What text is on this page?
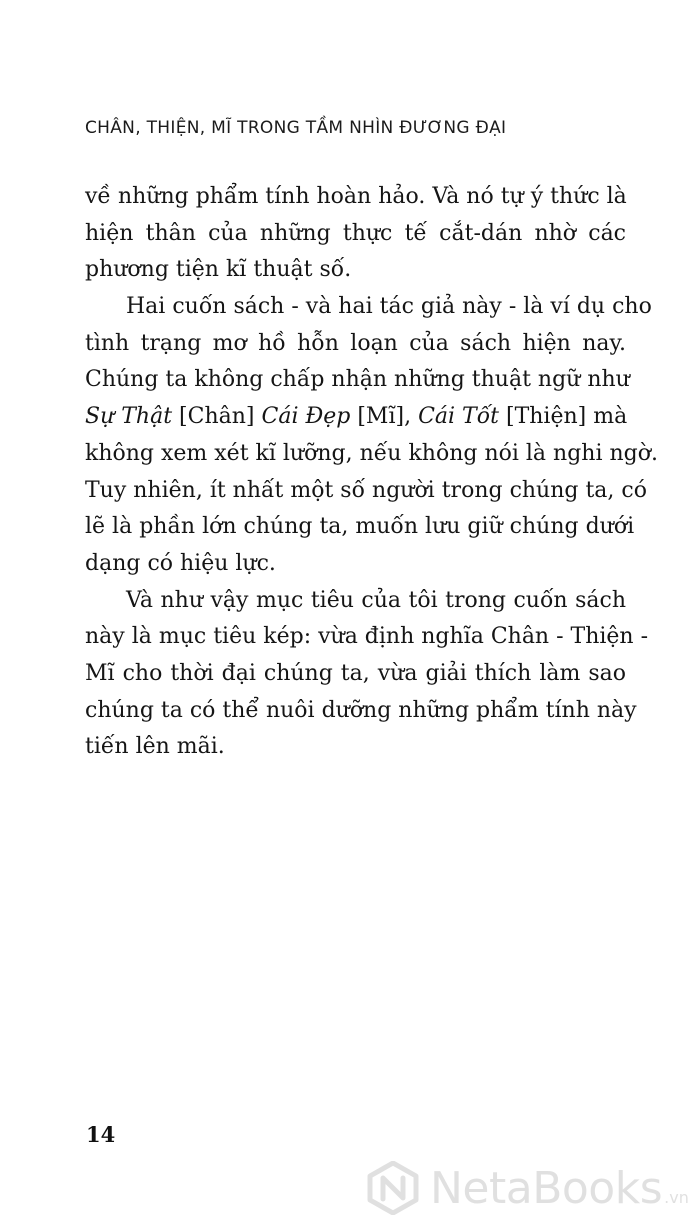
CHÂN, THIỆN, MĨ TRONG TẦM NHÌN ĐƯƠNG ĐẠI
về những phẩm tính hoàn hảo. Và nó tự ý thức là
hiện thân của những thực tế cắt-dán nhờ các
phương tiện kĩ thuật số.
Hai cuốn sách - và hai tác giả này - là ví dụ cho
tình trạng mơ hồ hỗn loạn của sách hiện nay.
Chúng ta không chấp nhận những thuật ngữ như
Sự Thật [Chân] Cái Đẹp [Mĩ], Cái Tốt [Thiện] mà
không xem xét kĩ lưỡng, nếu không nói là nghi ngờ.
Tuy nhiên, ít nhất một số người trong chúng ta, có
lẽ là phần lớn chúng ta, muốn lưu giữ chúng dưới
dạng có hiệu lực.
Và như vậy mục tiêu của tôi trong cuốn sách
này là mục tiêu kép: vừa định nghĩa Chân - Thiện -
Mĩ cho thời đại chúng ta, vừa giải thích làm sao
chúng ta có thể nuôi dưỡng những phẩm tính này
tiến lên mãi.
14
NetaBooks .vn
